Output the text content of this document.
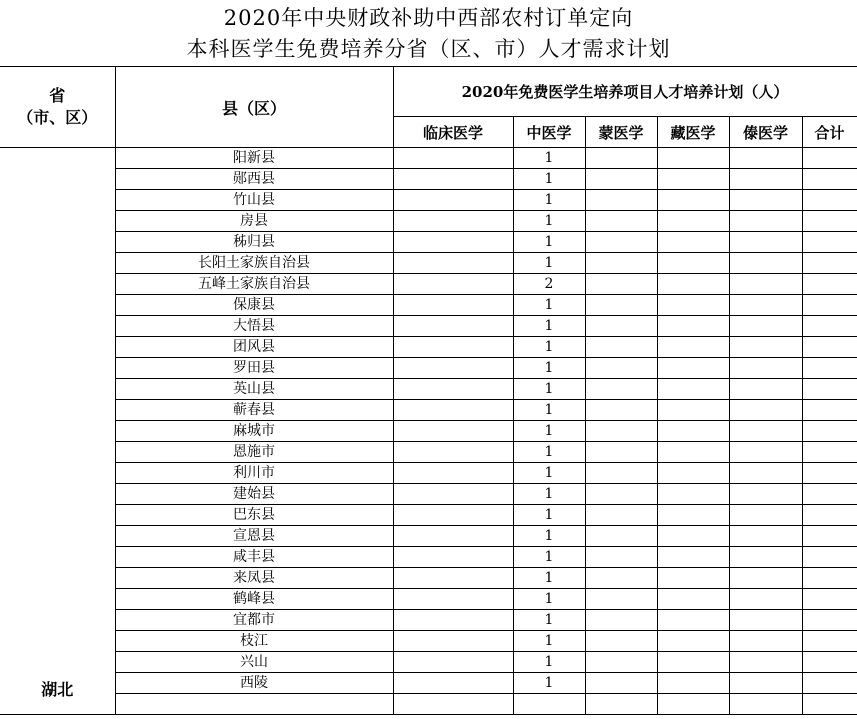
2020年中央财政补助中西部农村订单定向
本科医学生免费培养分省（区、市）人才需求计划
省
（市、区）	县（区）	2020年免费医学生培养项目人才培养计划（人）					
		临床医学	中医学	蒙医学	藏医学	傣医学	合计
湖北	阳新县		1				
	郧西县		1				
	竹山县		1				
	房县		1				
	秭归县		1				
	长阳土家族自治县		1				
	五峰土家族自治县		2				
	保康县		1				
	大悟县		1				
	团风县		1				
	罗田县		1				
	英山县		1				
	蕲春县		1				
	麻城市		1				
	恩施市		1				
	利川市		1				
	建始县		1				
	巴东县		1				
	宣恩县		1				
	咸丰县		1				
	来凤县		1				
	鹤峰县		1				
	宜都市		1				
	枝江		1				
	兴山		1				
	西陵		1				
